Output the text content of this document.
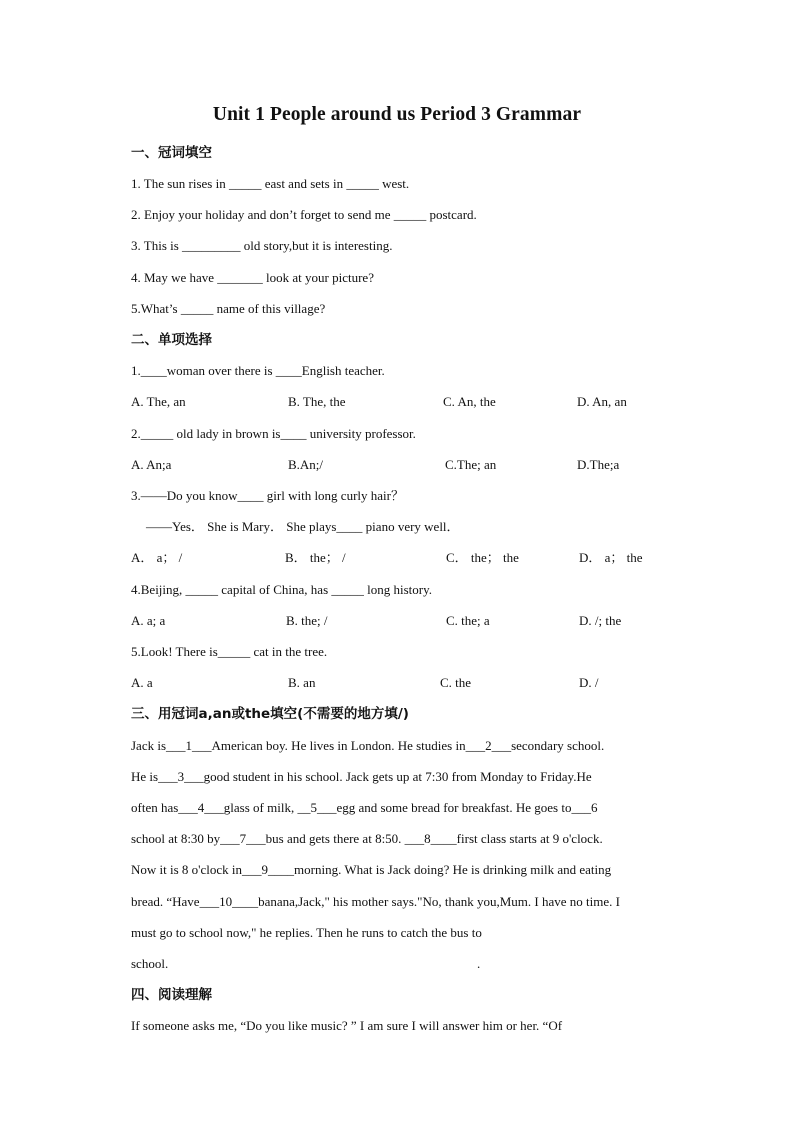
Unit 1 People around us Period 3 Grammar
一、冠词填空
1. The sun rises in _____ east and sets in _____ west.
2. Enjoy your holiday and don’t forget to send me _____ postcard.
3. This is _________ old story,but it is interesting.
4. May we have _______ look at your picture?
5.What’s _____ name of this village?
二、单项选择
1.____woman over there is ____English teacher.
A. The, an	B. The, the	C. An, the	D. An, an
2._____ old lady in brown is____ university professor.
A. An;a	B.An;/	C.The; an	D.The;a
3.——Do you know____ girl with long curly hair？
——Yes． She is Mary． She plays____ piano very well．
A． a； /	B． the； /	C． the； the	D． a； the
4.Beijing, _____ capital of China, has _____ long history.
A. a; a	B. the; /	C. the; a	D. /; the
5.Look! There is_____ cat in the tree.
A. a	B. an	C. the	D. /
三、用冠词a,an或the填空(不需要的地方填/)
Jack is___1___American boy. He lives in London. He studies in___2___secondary school.
He is___3___good student in his school. Jack gets up at 7:30 from Monday to Friday.He
often has___4___glass of milk, __5___egg and some bread for breakfast. He goes to___6
school at 8:30 by___7___bus and gets there at 8:50. ___8____first class starts at 9 o'clock.
Now it is 8 o'clock in___9____morning. What is Jack doing? He is drinking milk and eating
bread. “Have___10____banana,Jack," his mother says."No, thank you,Mum. I have no time. I
must go to school now," he replies. Then he runs to catch the bus to
school.	.
四、阅读理解
If someone asks me, “Do you like music? ” I am sure I will answer him or her. “Of
